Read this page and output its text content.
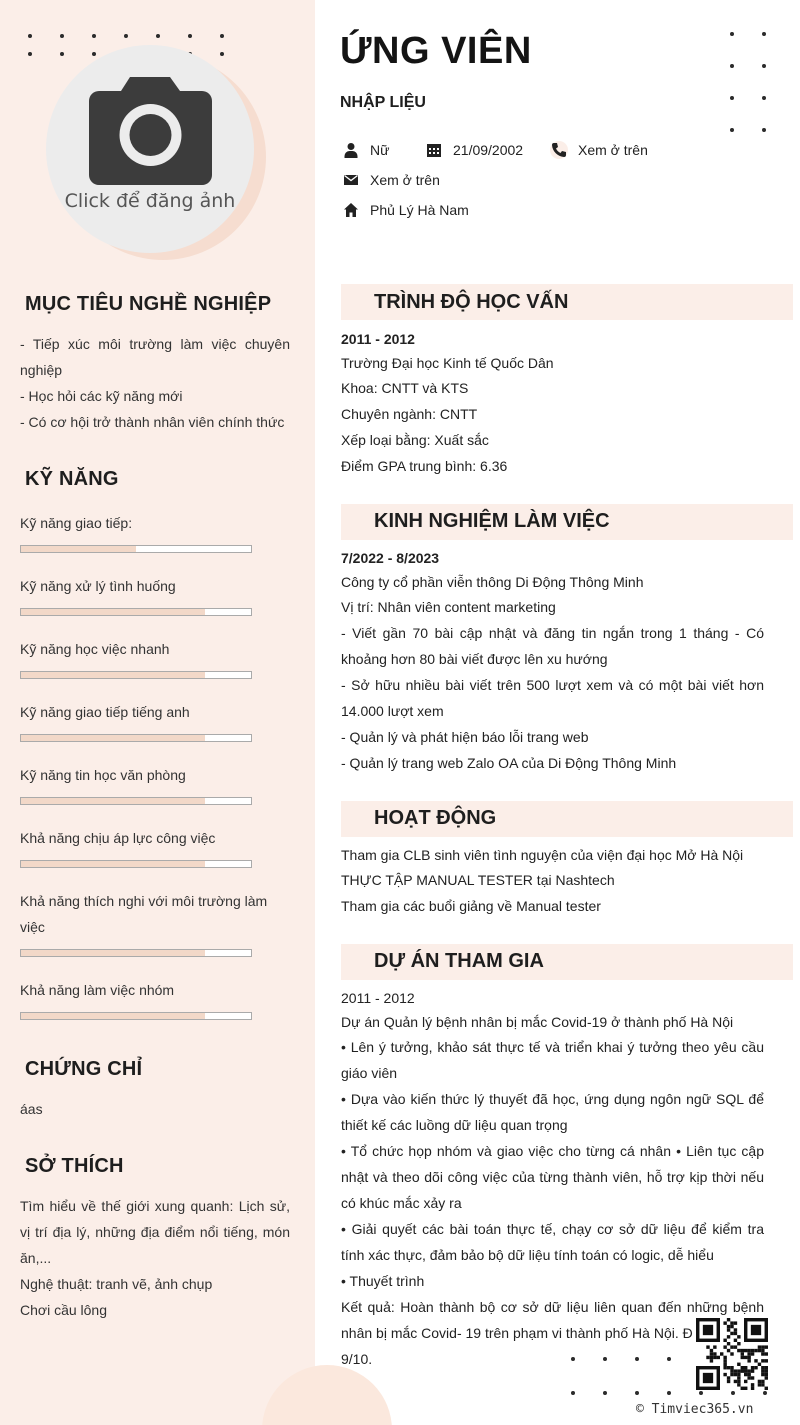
Click để đăng ảnh
MỤC TIÊU NGHỀ NGHIỆP
- Tiếp xúc môi trường làm việc chuyên nghiệp
- Học hỏi các kỹ năng mới
- Có cơ hội trở thành nhân viên chính thức
KỸ NĂNG
Kỹ năng giao tiếp:
Kỹ năng xử lý tình huống
Kỹ năng học việc nhanh
Kỹ năng giao tiếp tiếng anh
Kỹ năng tin học văn phòng
Khả năng chịu áp lực công việc
Khả năng thích nghi với môi trường làm việc
Khả năng làm việc nhóm
CHỨNG CHỈ
áas
SỞ THÍCH
Tìm hiểu về thế giới xung quanh: Lịch sử, vị trí địa lý, những địa điểm nổi tiếng, món ăn,...
Nghệ thuật: tranh vẽ, ảnh chụp
Chơi cầu lông
ỨNG VIÊN
NHẬP LIỆU
Nữ	21/09/2002	Xem ở trên
Xem ở trên
Phủ Lý Hà Nam
TRÌNH ĐỘ HỌC VẤN
2011 - 2012
Trường Đại học Kinh tế Quốc Dân
Khoa: CNTT và KTS
Chuyên ngành: CNTT
Xếp loại bằng: Xuất sắc
Điểm GPA trung bình: 6.36
KINH NGHIỆM LÀM VIỆC
7/2022 - 8/2023
Công ty cổ phần viễn thông Di Động Thông Minh
Vị trí: Nhân viên content marketing
- Viết gần 70 bài cập nhật và đăng tin ngắn trong 1 tháng - Có khoảng hơn 80 bài viết được lên xu hướng
- Sở hữu nhiều bài viết trên 500 lượt xem và có một bài viết hơn 14.000 lượt xem
- Quản lý và phát hiện báo lỗi trang web
- Quản lý trang web Zalo OA của Di Động Thông Minh
HOẠT ĐỘNG
Tham gia CLB sinh viên tình nguyện của viện đại học Mở Hà Nội
THỰC TẬP MANUAL TESTER tại Nashtech
Tham gia các buổi giảng về Manual tester
DỰ ÁN THAM GIA
2011 - 2012
Dự án Quản lý bệnh nhân bị mắc Covid-19 ở thành phố Hà Nội
• Lên ý tưởng, khảo sát thực tế và triển khai ý tưởng theo yêu cầu giáo viên
• Dựa vào kiến thức lý thuyết đã học, ứng dụng ngôn ngữ SQL để thiết kế các luồng dữ liệu quan trọng
• Tổ chức họp nhóm và giao việc cho từng cá nhân • Liên tục cập nhật và theo dõi công việc của từng thành viên, hỗ trợ kịp thời nếu có khúc mắc xảy ra
• Giải quyết các bài toán thực tế, chạy cơ sở dữ liệu để kiểm tra tính xác thực, đảm bảo bộ dữ liệu tính toán có logic, dễ hiểu
• Thuyết trình
Kết quả: Hoàn thành bộ cơ sở dữ liệu liên quan đến những bệnh nhân bị mắc Covid- 19 trên phạm vi thành phố Hà Nội. Đ
9/10.
© Timviec365.vn
